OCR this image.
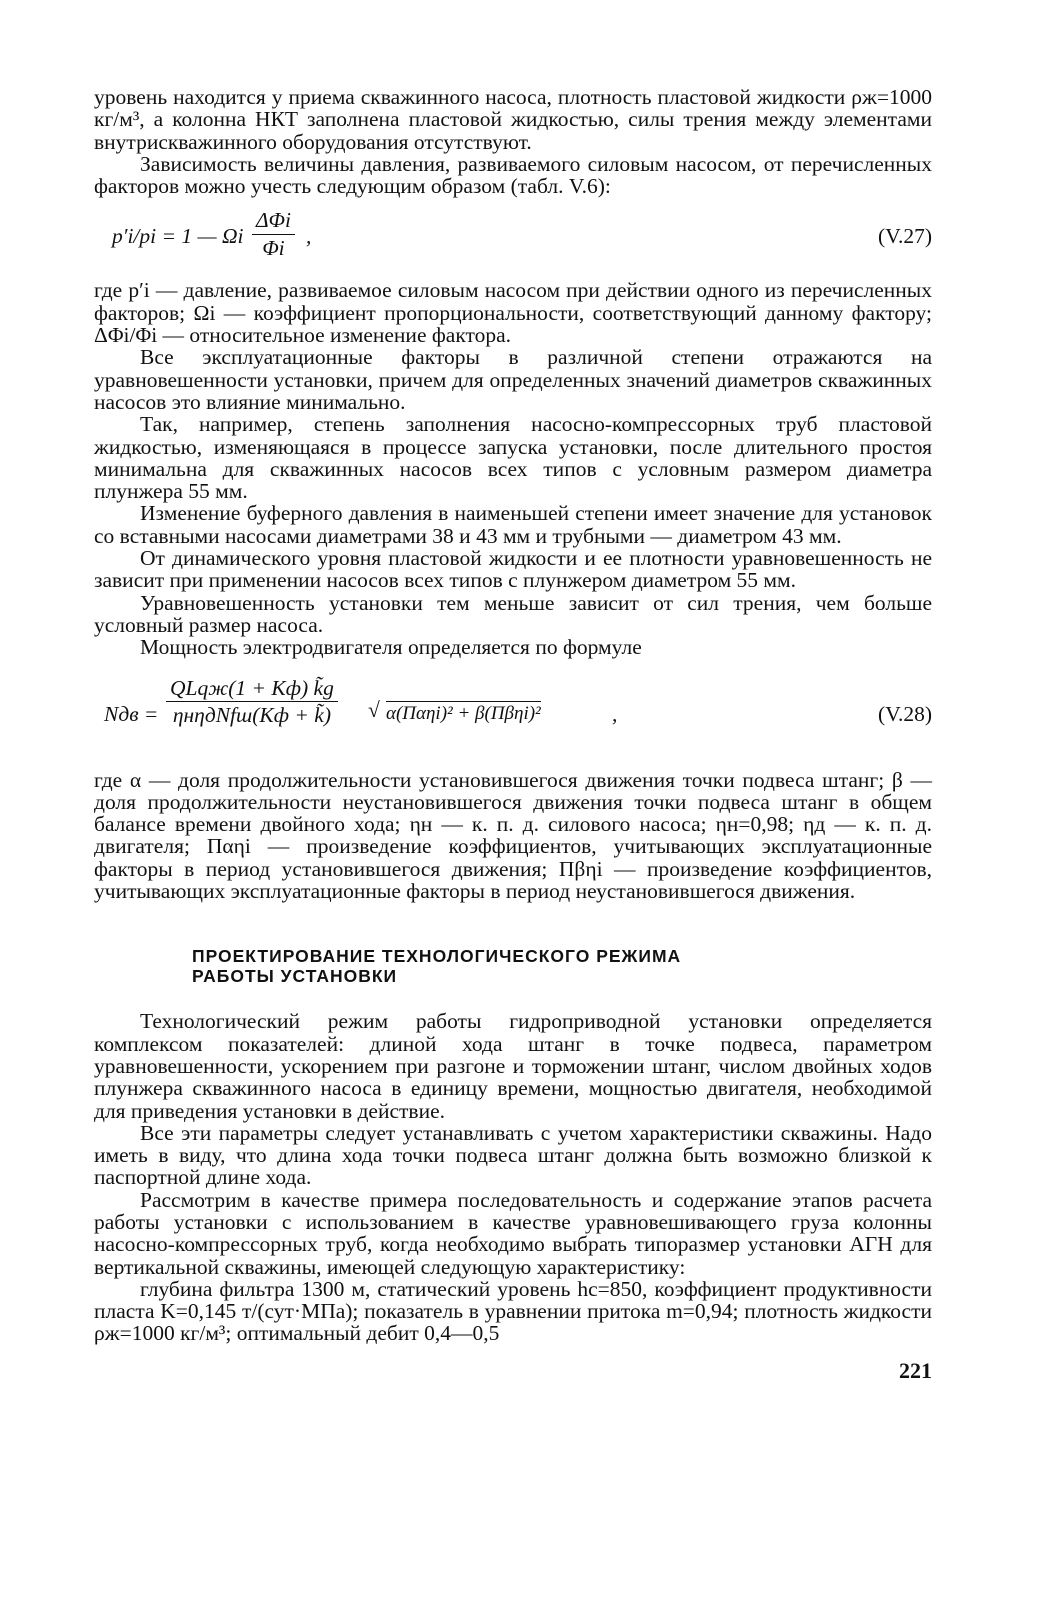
уровень находится у приема скважинного насоса, плотность пластовой жидкости ρж=1000 кг/м³, а колонна НКТ заполнена пластовой жидкостью, силы трения между элементами внутрискважинного оборудования отсутствуют.

Зависимость величины давления, развиваемого силовым насосом, от перечисленных факторов можно учесть следующим образом (табл. V.6):

p′i/pi = 1 — Ωi
ΔΦi
Φi ,	(V.27)

где p′i — давление, развиваемое силовым насосом при действии одного из перечисленных факторов; Ωi — коэффициент пропорциональности, соответствующий данному фактору; ΔΦi/Φi — относительное изменение фактора.

Все эксплуатационные факторы в различной степени отражаются на уравновешенности установки, причем для определенных значений диаметров скважинных насосов это влияние минимально.

Так, например, степень заполнения насосно-компрессорных труб пластовой жидкостью, изменяющаяся в процессе запуска установки, после длительного простоя минимальна для скважинных насосов всех типов с условным размером диаметра плунжера 55 мм.

Изменение буферного давления в наименьшей степени имеет значение для установок со вставными насосами диаметрами 38 и 43 мм и трубными — диаметром 43 мм.

От динамического уровня пластовой жидкости и ее плотности уравновешенность не зависит при применении насосов всех типов с плунжером диаметром 55 мм.

Уравновешенность установки тем меньше зависит от сил трения, чем больше условный размер насоса.

Мощность электродвигателя определяется по формуле

Nдв =
QLqж(1 + Kф) k̃g
ηнηдNfш(Kф + k̃)	√ α(Παηi)² + β(Πβηi)²	,	(V.28)

где α — доля продолжительности установившегося движения точки подвеса штанг; β — доля продолжительности неустановившегося движения точки подвеса штанг в общем балансе времени двойного хода; ηн — к. п. д. силового насоса; ηн=0,98; ηд — к. п. д. двигателя; Παηi — произведение коэффициентов, учитывающих эксплуатационные факторы в период установившегося движения; Πβηi — произведение коэффициентов, учитывающих эксплуатационные факторы в период неустановившегося движения.

ПРОЕКТИРОВАНИЕ ТЕХНОЛОГИЧЕСКОГО РЕЖИМА
РАБОТЫ УСТАНОВКИ

Технологический режим работы гидроприводной установки определяется комплексом показателей: длиной хода штанг в точке подвеса, параметром уравновешенности, ускорением при разгоне и торможении штанг, числом двойных ходов плунжера скважинного насоса в единицу времени, мощностью двигателя, необходимой для приведения установки в действие.

Все эти параметры следует устанавливать с учетом характеристики скважины. Надо иметь в виду, что длина хода точки подвеса штанг должна быть возможно близкой к паспортной длине хода.

Рассмотрим в качестве примера последовательность и содержание этапов расчета работы установки с использованием в качестве уравновешивающего груза колонны насосно-компрессорных труб, когда необходимо выбрать типоразмер установки АГН для вертикальной скважины, имеющей следующую характеристику:

глубина фильтра 1300 м, статический уровень hс=850, коэффициент продуктивности пласта K=0,145 т/(сут·МПа); показатель в уравнении притока m=0,94; плотность жидкости ρж=1000 кг/м³; оптимальный дебит 0,4—0,5

221
